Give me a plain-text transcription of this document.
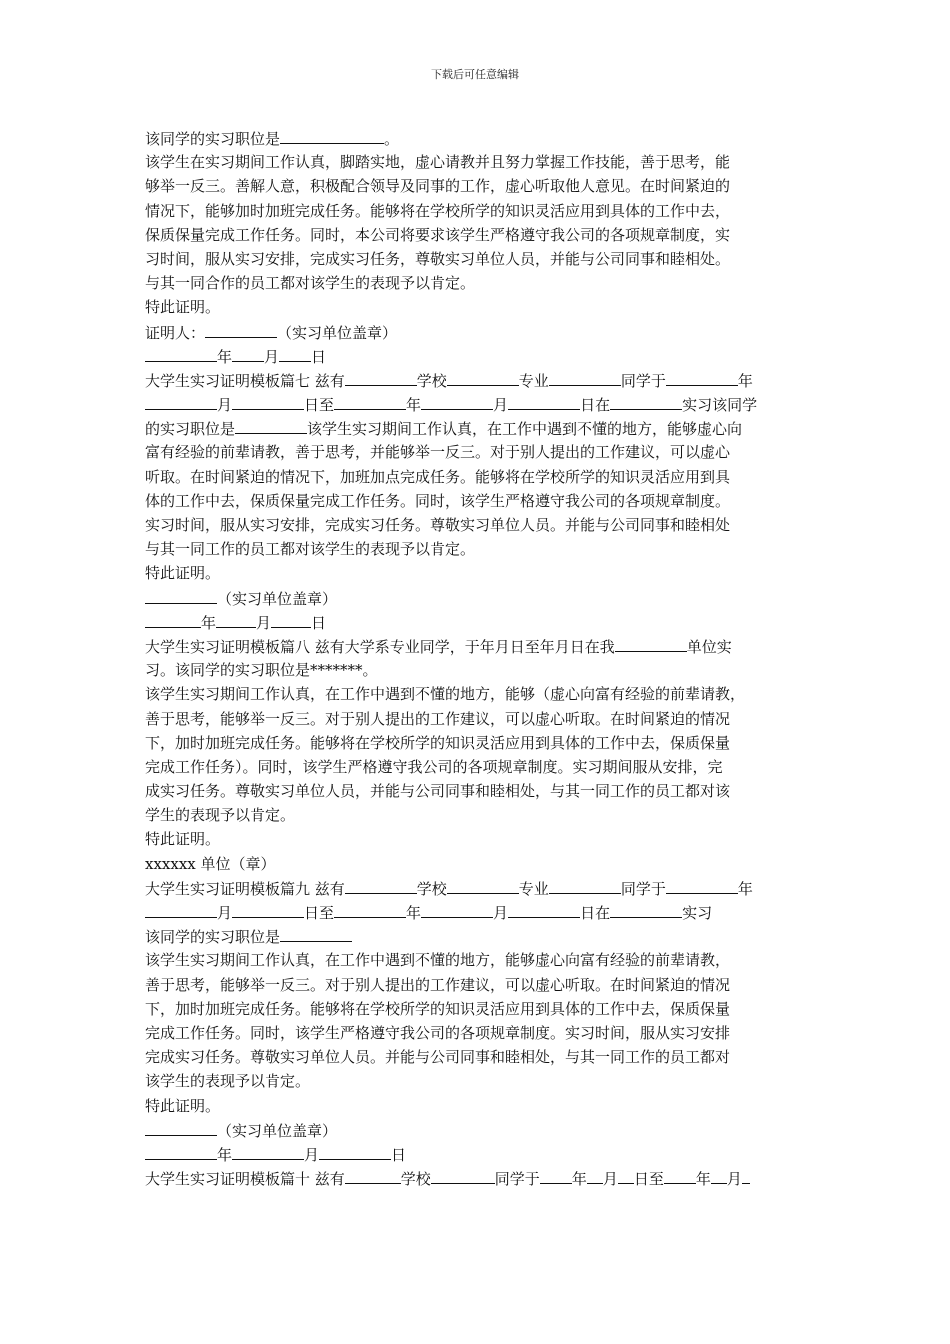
下载后可任意编辑
该同学的实习职位是	。
该学生在实习期间工作认真，脚踏实地，虚心请教并且努力掌握工作技能，善于思考，能
够举一反三。善解人意，积极配合领导及同事的工作，虚心听取他人意见。在时间紧迫的
情况下，能够加时加班完成任务。能够将在学校所学的知识灵活应用到具体的工作中去，
保质保量完成工作任务。同时，本公司将要求该学生严格遵守我公司的各项规章制度，实
习时间，服从实习安排，完成实习任务，尊敬实习单位人员，并能与公司同事和睦相处。
与其一同合作的员工都对该学生的表现予以肯定。
特此证明。
证明人：	（实习单位盖章）
年 月 日
大学生实习证明模板篇七 兹有	学校	专业	同学于	年
月	日至	年	月	日在	实习该同学
的实习职位是	该学生实习期间工作认真，在工作中遇到不懂的地方，能够虚心向
富有经验的前辈请教，善于思考，并能够举一反三。对于别人提出的工作建议，可以虚心
听取。在时间紧迫的情况下，加班加点完成任务。能够将在学校所学的知识灵活应用到具
体的工作中去，保质保量完成工作任务。同时，该学生严格遵守我公司的各项规章制度。
实习时间，服从实习安排，完成实习任务。尊敬实习单位人员。并能与公司同事和睦相处
与其一同工作的员工都对该学生的表现予以肯定。
特此证明。
（实习单位盖章）
年	月	日
大学生实习证明模板篇八 兹有大学系专业同学，于年月日至年月日在我	单位实
习。该同学的实习职位是*******。
该学生实习期间工作认真，在工作中遇到不懂的地方，能够（虚心向富有经验的前辈请教，
善于思考，能够举一反三。对于别人提出的工作建议，可以虚心听取。在时间紧迫的情况
下，加时加班完成任务。能够将在学校所学的知识灵活应用到具体的工作中去，保质保量
完成工作任务）。同时，该学生严格遵守我公司的各项规章制度。实习期间服从安排，完
成实习任务。尊敬实习单位人员，并能与公司同事和睦相处，与其一同工作的员工都对该
学生的表现予以肯定。
特此证明。
xxxxxx 单位（章）
大学生实习证明模板篇九 兹有	学校	专业	同学于	年
月	日至	年	月	日在	实习
该同学的实习职位是
该学生实习期间工作认真，在工作中遇到不懂的地方，能够虚心向富有经验的前辈请教，
善于思考，能够举一反三。对于别人提出的工作建议，可以虚心听取。在时间紧迫的情况
下，加时加班完成任务。能够将在学校所学的知识灵活应用到具体的工作中去，保质保量
完成工作任务。同时，该学生严格遵守我公司的各项规章制度。实习时间，服从实习安排
完成实习任务。尊敬实习单位人员。并能与公司同事和睦相处，与其一同工作的员工都对
该学生的表现予以肯定。
特此证明。
（实习单位盖章）
年	月	日
大学生实习证明模板篇十 兹有	学校	同学于 年 月 日至 年 月
